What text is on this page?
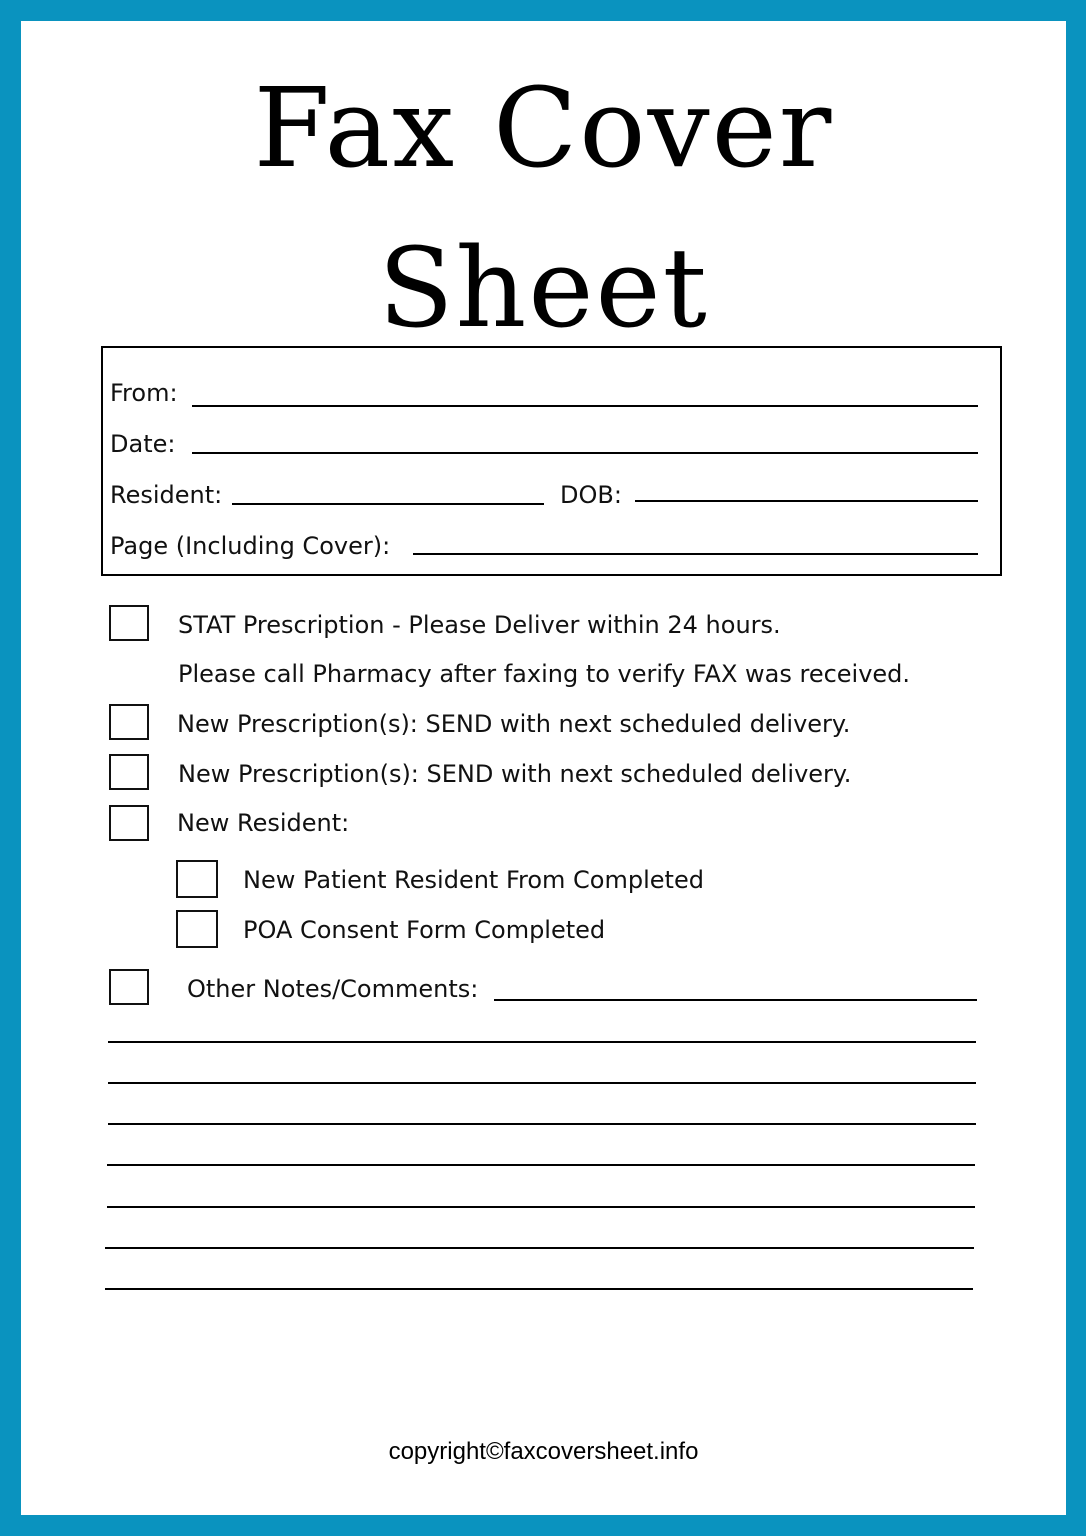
Fax Cover
Sheet
From:
Date:
Resident:	DOB:
Page (Including Cover):
STAT Prescription - Please Deliver within 24 hours.
Please call Pharmacy after faxing to verify FAX was received.
New Prescription(s): SEND with next scheduled delivery.
New Prescription(s): SEND with next scheduled delivery.
New Resident:
New Patient Resident From Completed
POA Consent Form Completed
Other Notes/Comments:
copyright©faxcoversheet.info
